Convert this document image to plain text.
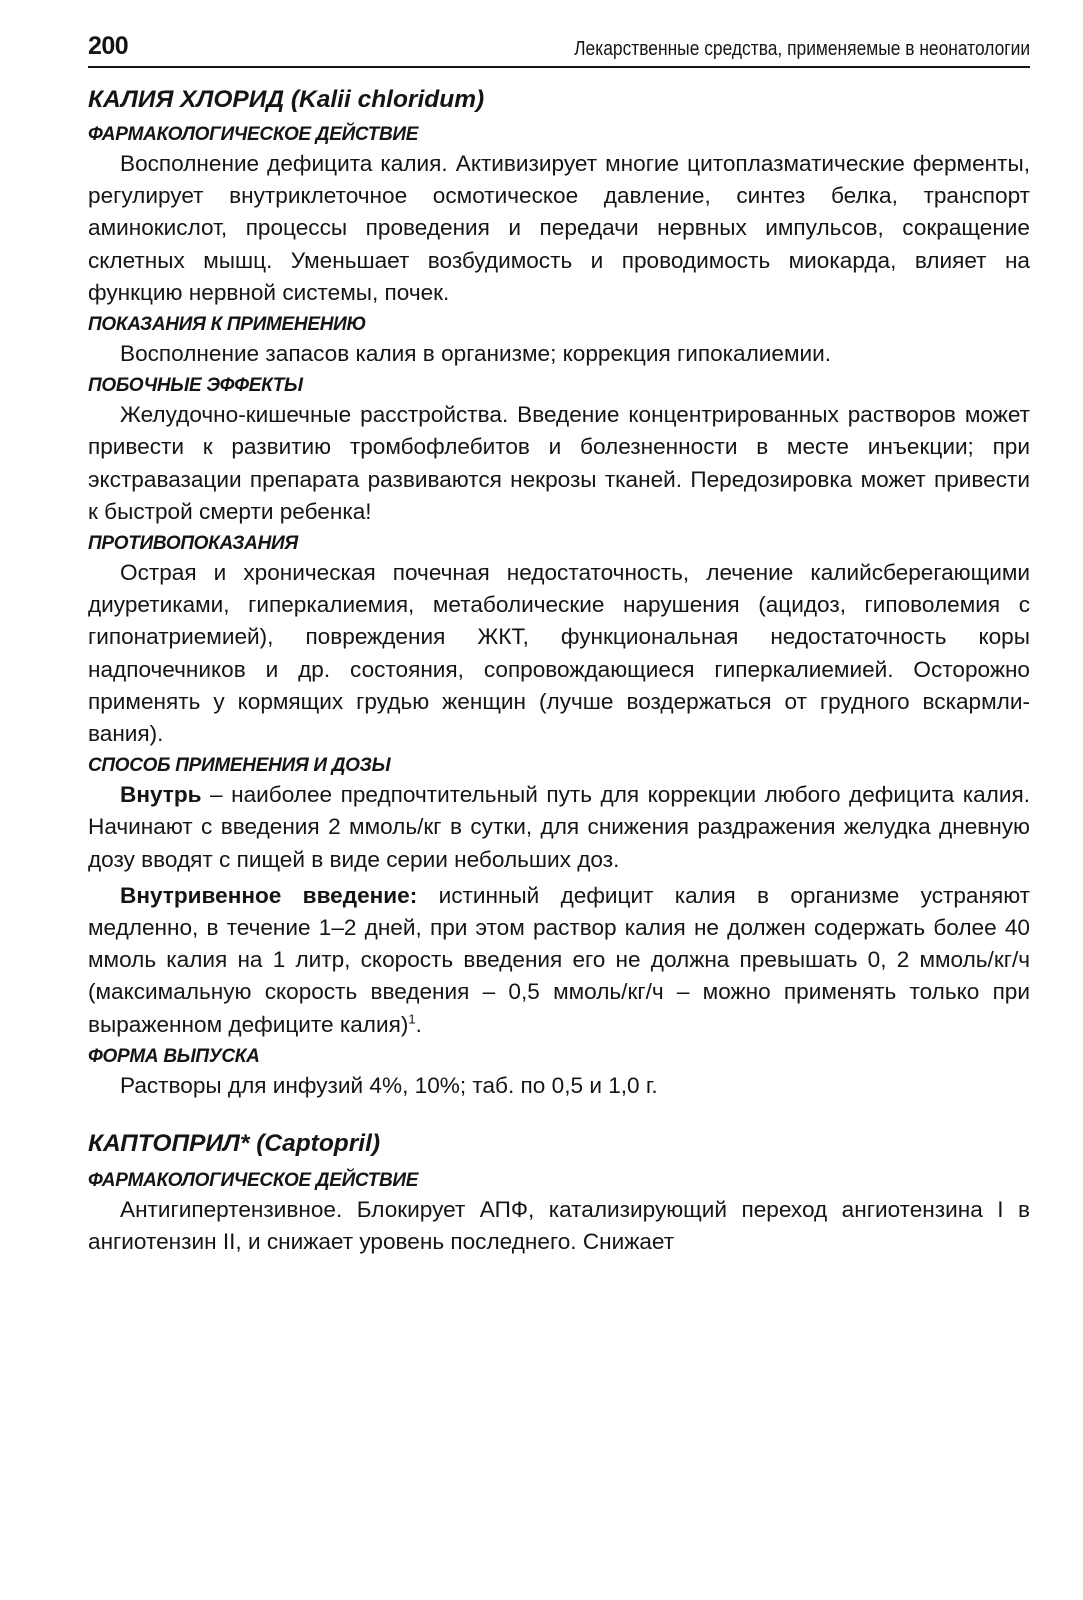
200	Лекарственные средства, применяемые в неонатологии
КАЛИЯ ХЛОРИД (Kalii chloridum)
ФАРМАКОЛОГИЧЕСКОЕ ДЕЙСТВИЕ

Восполнение дефицита калия. Активизирует многие цитоплазматические ферменты, регулирует внутриклеточное осмотическое давление, синтез белка, транспорт аминокислот, процессы проведения и передачи нервных импульсов, сокращение склетных мышц. Уменьшает возбудимость и проводимость миокарда, влияет на функцию нервной системы, почек.

ПОКАЗАНИЯ К ПРИМЕНЕНИЮ

Восполнение запасов калия в организме; коррекция гипокалиемии.

ПОБОЧНЫЕ ЭФФЕКТЫ

Желудочно-кишечные расстройства. Введение концентрированных растворов может привести к развитию тромбофлебитов и болезненности в месте инъекции; при экстравазации препарата развиваются некрозы тканей. Передозировка может привести к быстрой смерти ребенка!

ПРОТИВОПОКАЗАНИЯ

Острая и хроническая почечная недостаточность, лечение калийсберегающими диуретиками, гиперкалиемия, метаболические нарушения (ацидоз, гиповолемия с гипонатриемией), повреждения ЖКТ, функциональная недостаточность коры надпочечников и др. состояния, сопровождающиеся гиперкалиемией. Осторожно применять у кормящих грудью женщин (лучше воздержаться от грудного вскармливания).

СПОСОБ ПРИМЕНЕНИЯ И ДОЗЫ

Внутрь – наиболее предпочтительный путь для коррекции любого дефицита калия. Начинают с введения 2 ммоль/кг в сутки, для снижения раздражения желудка дневную дозу вводят с пищей в виде серии небольших доз.

Внутривенное введение: истинный дефицит калия в организме устраняют медленно, в течение 1–2 дней, при этом раствор калия не должен содержать более 40 ммоль калия на 1 литр, скорость введения его не должна превышать 0, 2 ммоль/кг/ч (максимальную скорость введения – 0,5 ммоль/кг/ч – можно применять только при выраженном дефиците калия)$^1$.

ФОРМА ВЫПУСКА

Растворы для инфузий 4%, 10%; таб. по 0,5 и 1,0 г.

КАПТОПРИЛ* (Captopril)
ФАРМАКОЛОГИЧЕСКОЕ ДЕЙСТВИЕ

Антигипертензивное. Блокирует АПФ, катализирующий переход ангиотензина I в ангиотензин II, и снижает уровень последнего. Снижает
